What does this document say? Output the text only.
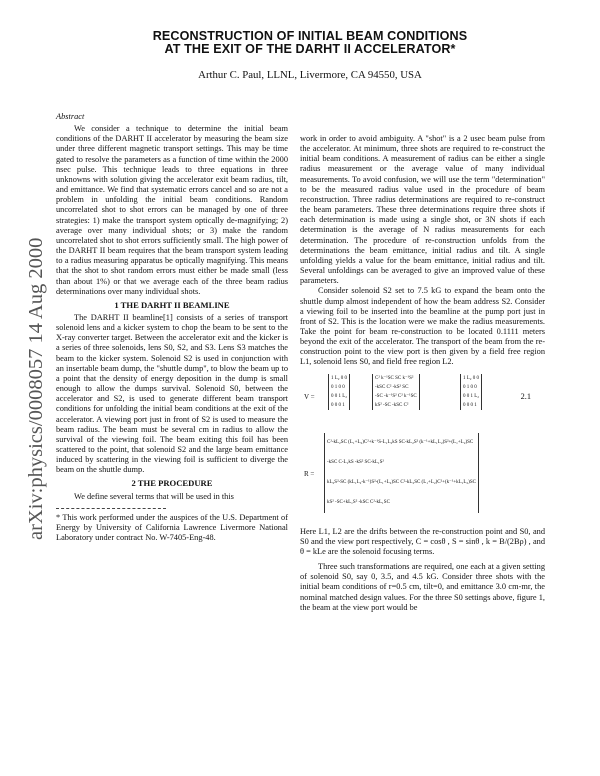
arXiv:physics/0008057 14 Aug 2000
RECONSTRUCTION OF INITIAL BEAM CONDITIONS
AT THE EXIT OF THE DARHT II ACCELERATOR*
Arthur C. Paul, LLNL, Livermore, CA 94550, USA
Abstract

We consider a technique to determine the initial beam conditions of the DARHT II accelerator by measuring the beam size under three different magnetic transport settings. This may be time gated to resolve the parameters as a function of time within the 2000 nsec pulse. This technique leads to three equations in three unknowns with solution giving the accelerator exit beam radius, tilt, and emittance. We find that systematic errors cancel and so are not a problem in unfolding the initial beam conditions. Random uncorrelated shot to shot errors can be managed by one of three strategies: 1) make the transport system optically de-magnifying; 2) average over many individual shots; or 3) make the random uncorrelated shot to shot errors sufficiently small. The high power of the DARHT II beam requires that the beam transport system leading to a radius measuring apparatus be optically magnifying. This means that the shot to shot random errors must either be made small (less than about 1%) or that we average each of the three beam radius determinations over many individual shots.

1 THE DARHT II BEAMLINE

The DARHT II beamline[1] consists of a series of transport solenoid lens and a kicker system to chop the beam to be sent to the X-ray converter target. Between the accelerator exit and the kicker is a series of three solenoids, lens S0, S2, and S3. Lens S3 matches the beam to the kicker system. Solenoid S2 is used in conjunction with an insertable beam dump, the "shuttle dump", to blow the beam up to a point that the density of energy deposition in the dump is small enough to allow the dumps survival. Solenoid S0, between the accelerator and S2, is used to generate different beam transport conditions for unfolding the initial beam conditions at the exit of the accelerator. A viewing port just in front of S2 is used to measure the beam radius. The beam must be several cm in radius to allow the survival of the viewing foil. The beam exiting this foil has been scattered to the point, that solenoid S2 and the large beam emittance induced by scattering in the viewing foil is sufficient to diverge the beam on the shuttle dump.

2 THE PROCEDURE

We define several terms that will be used in this

* This work performed under the auspices of the U.S. Department of Energy by University of California Lawrence Livermore National Laboratory under contract No. W-7405-Eng-48.

work in order to avoid ambiguity. A "shot" is a 2 usec beam pulse from the accelerator. At minimum, three shots are required to re-construct the initial beam conditions. A measurement of radius can be either a single radius measurement or the average value of many individual measurements. To avoid confusion, we will use the term "determination" to be the measured radius value used in the procedure of beam reconstruction. Three radius determinations are required to re-construct the beam parameters. These three determinations require three shots if each determination is made using a single shot, or 3N shots if each determination is the average of N radius measurements for each determination. The procedure of re-construction unfolds from the determinations the beam emittance, initial radius and tilt. A single unfolding yields a value for the beam emittance, initial radius and tilt. Several unfoldings can be averaged to give an improved value of these parameters.

Consider solenoid S2 set to 7.5 kG to expand the beam onto the shuttle dump almost independent of how the beam address S2. Consider a viewing foil to be inserted into the beamline at the pump port just in front of S2. This is the location were we make the radius measurements. Take the point for beam re-construction to be located 0.1111 meters beyond the exit of the accelerator. The transport of the beam from the re-construction point to the view port is then given by a field free region L1, solenoid lens S0, and field free region L2.

V =
1 L₂ 0 0
0 1 0 0
0 0 1 L₂
0 0 0 1
C² k⁻¹SC SC k⁻¹S²
-kSC C² -kS² SC
-SC -k⁻¹S² C² k⁻¹SC
kS² -SC -kSC C²
1 L₂ 0 0
0 1 0 0
0 0 1 L₂
0 0 0 1
2.1
R =
C²-kL₂SC (L₁+L₂)C²+k⁻¹S-L₁L₂kS SC-kL₂S² (k⁻¹+kL₁L₂)S²+(L₁+L₂)SC
-kSC C-L₁kS -kS² SC-kL₁S²
kL₂S²-SC (kL₁L₂-k⁻¹)S²-(L₁+L₂)SC C²-kL₂SC (L₁+L₂)C²+(k⁻¹+kL₁L₂)SC
kS² -SC+kL₁S² -kSC C²-kL₁SC

Here L1, L2 are the drifts between the re-construction point and S0, and S0 and the view port respectively, C = cosθ , S = sinθ , k = B/(2Bρ) , and θ = kLe are the solenoid focusing terms.

Three such transformations are required, one each at a given setting of solenoid S0, say 0, 3.5, and 4.5 kG. Consider three shots with the initial beam conditions of r=0.5 cm, tilt=0, and emittance 3.0 cm-mr, the nominal matched design values. For the three S0 settings above, figure 1, the beam at the view port would be
